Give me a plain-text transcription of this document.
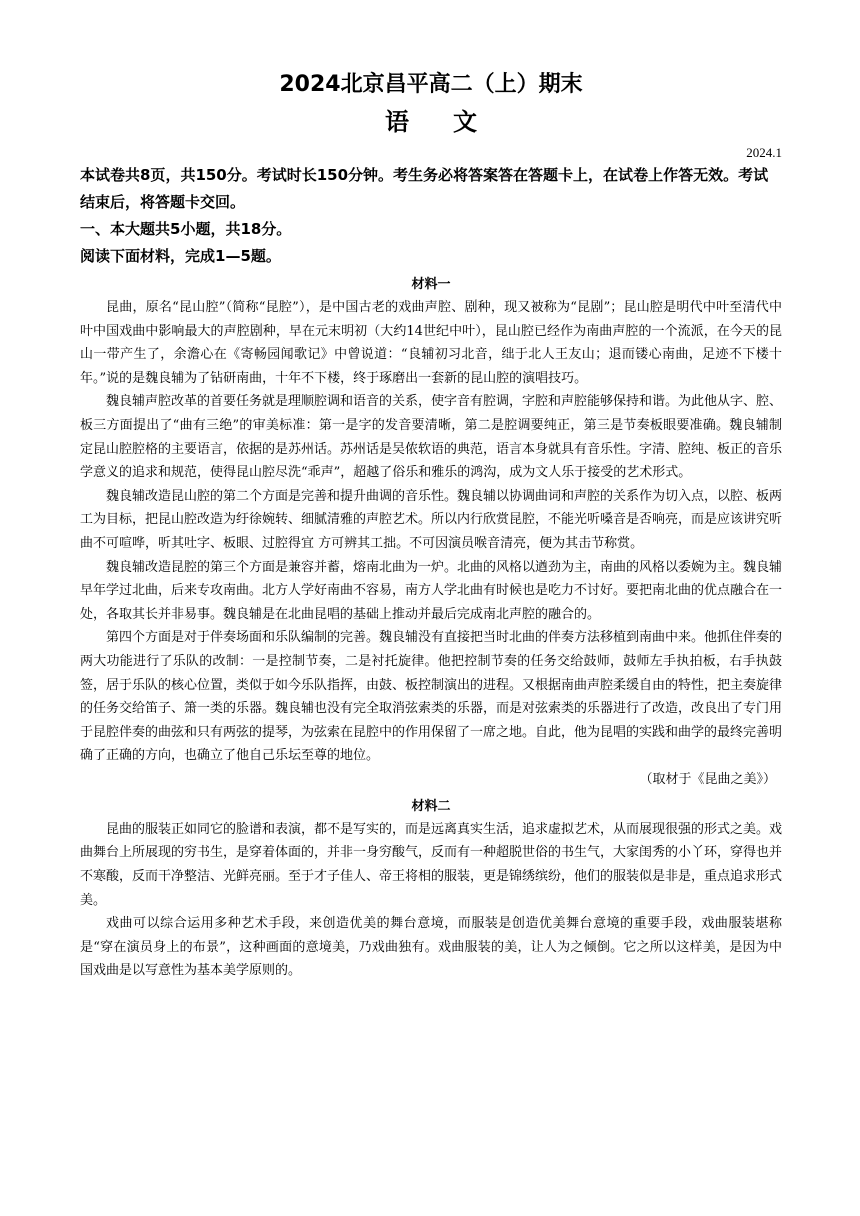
2024北京昌平高二（上）期末
语文
2024.1

本试卷共8页，共150分。考试时长150分钟。考生务必将答案答在答题卡上，在试卷上作答无效。考试结束后，将答题卡交回。

一、本大题共5小题，共18分。

阅读下面材料，完成1—5题。

材料一

昆曲，原名“昆山腔”（简称“昆腔”），是中国古老的戏曲声腔、剧种，现又被称为“昆剧”；昆山腔是明代中叶至清代中叶中国戏曲中影响最大的声腔剧种，早在元末明初（大约14世纪中叶），昆山腔已经作为南曲声腔的一个流派，在今天的昆山一带产生了，余澹心在《寄畅园闻歌记》中曾说道：“良辅初习北音，绌于北人王友山；退而镂心南曲，足迹不下楼十年。”说的是魏良辅为了钻研南曲，十年不下楼，终于琢磨出一套新的昆山腔的演唱技巧。

魏良辅声腔改革的首要任务就是理顺腔调和语音的关系，使字音有腔调，字腔和声腔能够保持和谐。为此他从字、腔、板三方面提出了“曲有三绝”的审美标准：第一是字的发音要清晰，第二是腔调要纯正，第三是节奏板眼要准确。魏良辅制定昆山腔腔格的主要语言，依据的是苏州话。苏州话是吴侬软语的典范，语言本身就具有音乐性。字清、腔纯、板正的音乐学意义的追求和规范，使得昆山腔尽洗“乖声”，超越了俗乐和雅乐的鸿沟，成为文人乐于接受的艺术形式。

魏良辅改造昆山腔的第二个方面是完善和提升曲调的音乐性。魏良辅以协调曲词和声腔的关系作为切入点，以腔、板两工为目标，把昆山腔改造为纡徐婉转、细腻清雅的声腔艺术。所以内行欣赏昆腔，不能光听嗓音是否响亮，而是应该讲究听曲不可喧哗，听其吐字、板眼、过腔得宜 方可辨其工拙。不可因演员喉音清亮，便为其击节称赏。

魏良辅改造昆腔的第三个方面是兼容并蓄，熔南北曲为一炉。北曲的风格以遒劲为主，南曲的风格以委婉为主。魏良辅早年学过北曲，后来专攻南曲。北方人学好南曲不容易，南方人学北曲有时候也是吃力不讨好。要把南北曲的优点融合在一处，各取其长并非易事。魏良辅是在北曲昆唱的基础上推动并最后完成南北声腔的融合的。

第四个方面是对于伴奏场面和乐队编制的完善。魏良辅没有直接把当时北曲的伴奏方法移植到南曲中来。他抓住伴奏的两大功能进行了乐队的改制：一是控制节奏，二是衬托旋律。他把控制节奏的任务交给鼓师，鼓师左手执拍板，右手执鼓签，居于乐队的核心位置，类似于如今乐队指挥，由鼓、板控制演出的进程。又根据南曲声腔柔缓自由的特性，把主奏旋律的任务交给笛子、箫一类的乐器。魏良辅也没有完全取消弦索类的乐器，而是对弦索类的乐器进行了改造，改良出了专门用于昆腔伴奏的曲弦和只有两弦的提琴，为弦索在昆腔中的作用保留了一席之地。自此，他为昆唱的实践和曲学的最终完善明确了正确的方向，也确立了他自己乐坛至尊的地位。

（取材于《昆曲之美》）

材料二

昆曲的服装正如同它的脸谱和表演，都不是写实的，而是远离真实生活，追求虚拟艺术，从而展现很强的形式之美。戏曲舞台上所展现的穷书生，是穿着体面的，并非一身穷酸气，反而有一种超脱世俗的书生气，大家闺秀的小丫环，穿得也并不寒酸，反而干净整洁、光鲜亮丽。至于才子佳人、帝王将相的服装，更是锦绣缤纷，他们的服装似是非是，重点追求形式美。

戏曲可以综合运用多种艺术手段，来创造优美的舞台意境，而服装是创造优美舞台意境的重要手段，戏曲服装堪称是“穿在演员身上的布景”，这种画面的意境美，乃戏曲独有。戏曲服装的美，让人为之倾倒。它之所以这样美，是因为中国戏曲是以写意性为基本美学原则的。
